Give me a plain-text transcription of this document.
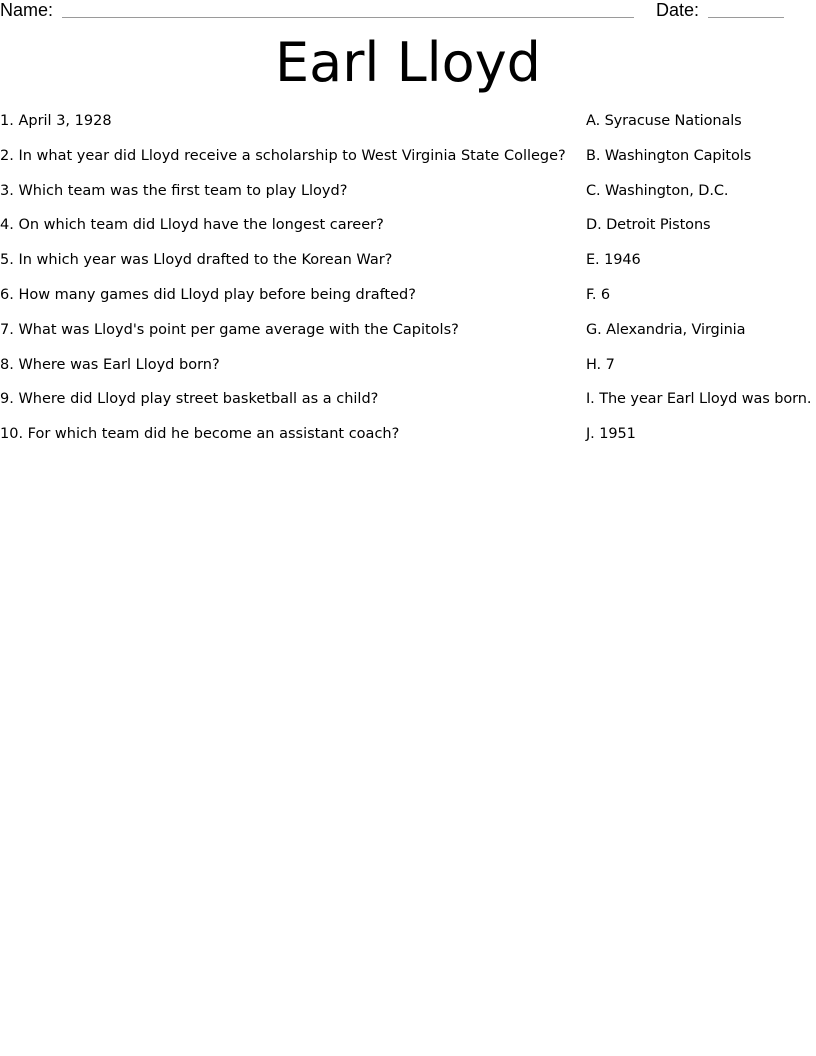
Name:	Date:
Earl Lloyd
1. April 3, 1928
2. In what year did Lloyd receive a scholarship to West Virginia State College?
3. Which team was the first team to play Lloyd?
4. On which team did Lloyd have the longest career?
5. In which year was Lloyd drafted to the Korean War?
6. How many games did Lloyd play before being drafted?
7. What was Lloyd's point per game average with the Capitols?
8. Where was Earl Lloyd born?
9. Where did Lloyd play street basketball as a child?
10. For which team did he become an assistant coach?
A. Syracuse Nationals
B. Washington Capitols
C. Washington, D.C.
D. Detroit Pistons
E. 1946
F. 6
G. Alexandria, Virginia
H. 7
I. The year Earl Lloyd was born.
J. 1951
